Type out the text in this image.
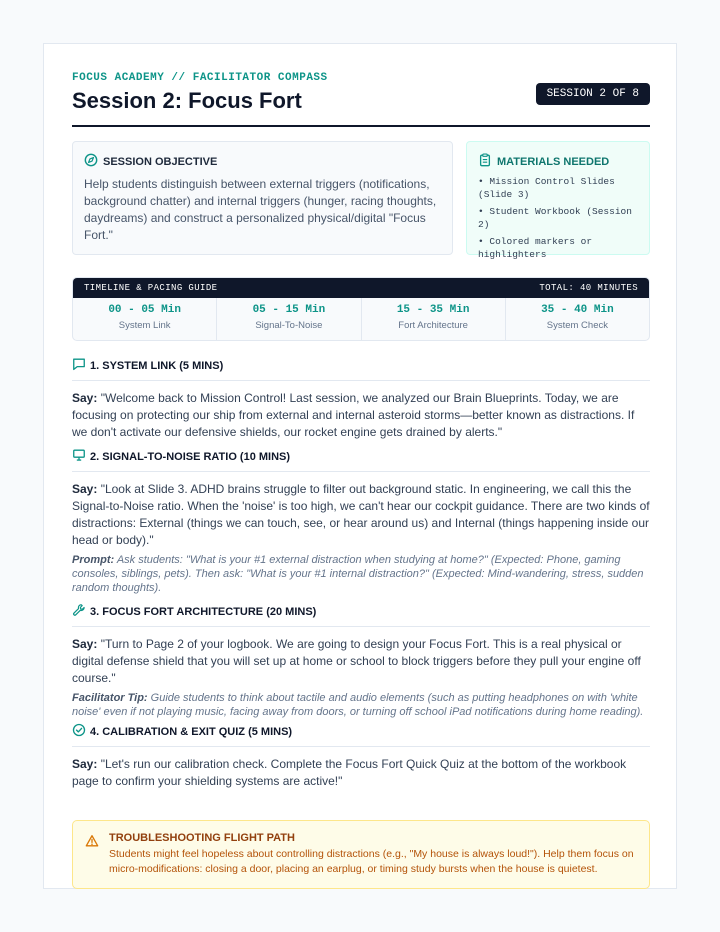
FOCUS ACADEMY // FACILITATOR COMPASS
Session 2: Focus Fort	SESSION 2 OF 8
SESSION OBJECTIVE
Help students distinguish between external triggers (notifications, background chatter) and internal triggers (hunger, racing thoughts, daydreams) and construct a personalized physical/digital "Focus Fort."
MATERIALS NEEDED
• Mission Control Slides (Slide 3)
• Student Workbook (Session 2)
• Colored markers or highlighters
TIMELINE & PACING GUIDE	TOTAL: 40 MINUTES
00 - 05 Min
System Link
05 - 15 Min
Signal-To-Noise
15 - 35 Min
Fort Architecture
35 - 40 Min
System Check
1. SYSTEM LINK (5 MINS)
Say: "Welcome back to Mission Control! Last session, we analyzed our Brain Blueprints. Today, we are focusing on protecting our ship from external and internal asteroid storms—better known as distractions. If we don't activate our defensive shields, our rocket engine gets drained by alerts."
2. SIGNAL-TO-NOISE RATIO (10 MINS)
Say: "Look at Slide 3. ADHD brains struggle to filter out background static. In engineering, we call this the Signal-to-Noise ratio. When the 'noise' is too high, we can't hear our cockpit guidance. There are two kinds of distractions: External (things we can touch, see, or hear around us) and Internal (things happening inside our head or body)."
Prompt: Ask students: "What is your #1 external distraction when studying at home?" (Expected: Phone, gaming consoles, siblings, pets). Then ask: "What is your #1 internal distraction?" (Expected: Mind-wandering, stress, sudden random thoughts).
3. FOCUS FORT ARCHITECTURE (20 MINS)
Say: "Turn to Page 2 of your logbook. We are going to design your Focus Fort. This is a real physical or digital defense shield that you will set up at home or school to block triggers before they pull your engine off course."
Facilitator Tip: Guide students to think about tactile and audio elements (such as putting headphones on with 'white noise' even if not playing music, facing away from doors, or turning off school iPad notifications during home reading).
4. CALIBRATION & EXIT QUIZ (5 MINS)
Say: "Let's run our calibration check. Complete the Focus Fort Quick Quiz at the bottom of the workbook page to confirm your shielding systems are active!"
TROUBLESHOOTING FLIGHT PATH
Students might feel hopeless about controlling distractions (e.g., "My house is always loud!"). Help them focus on micro-modifications: closing a door, placing an earplug, or timing study bursts when the house is quietest.
